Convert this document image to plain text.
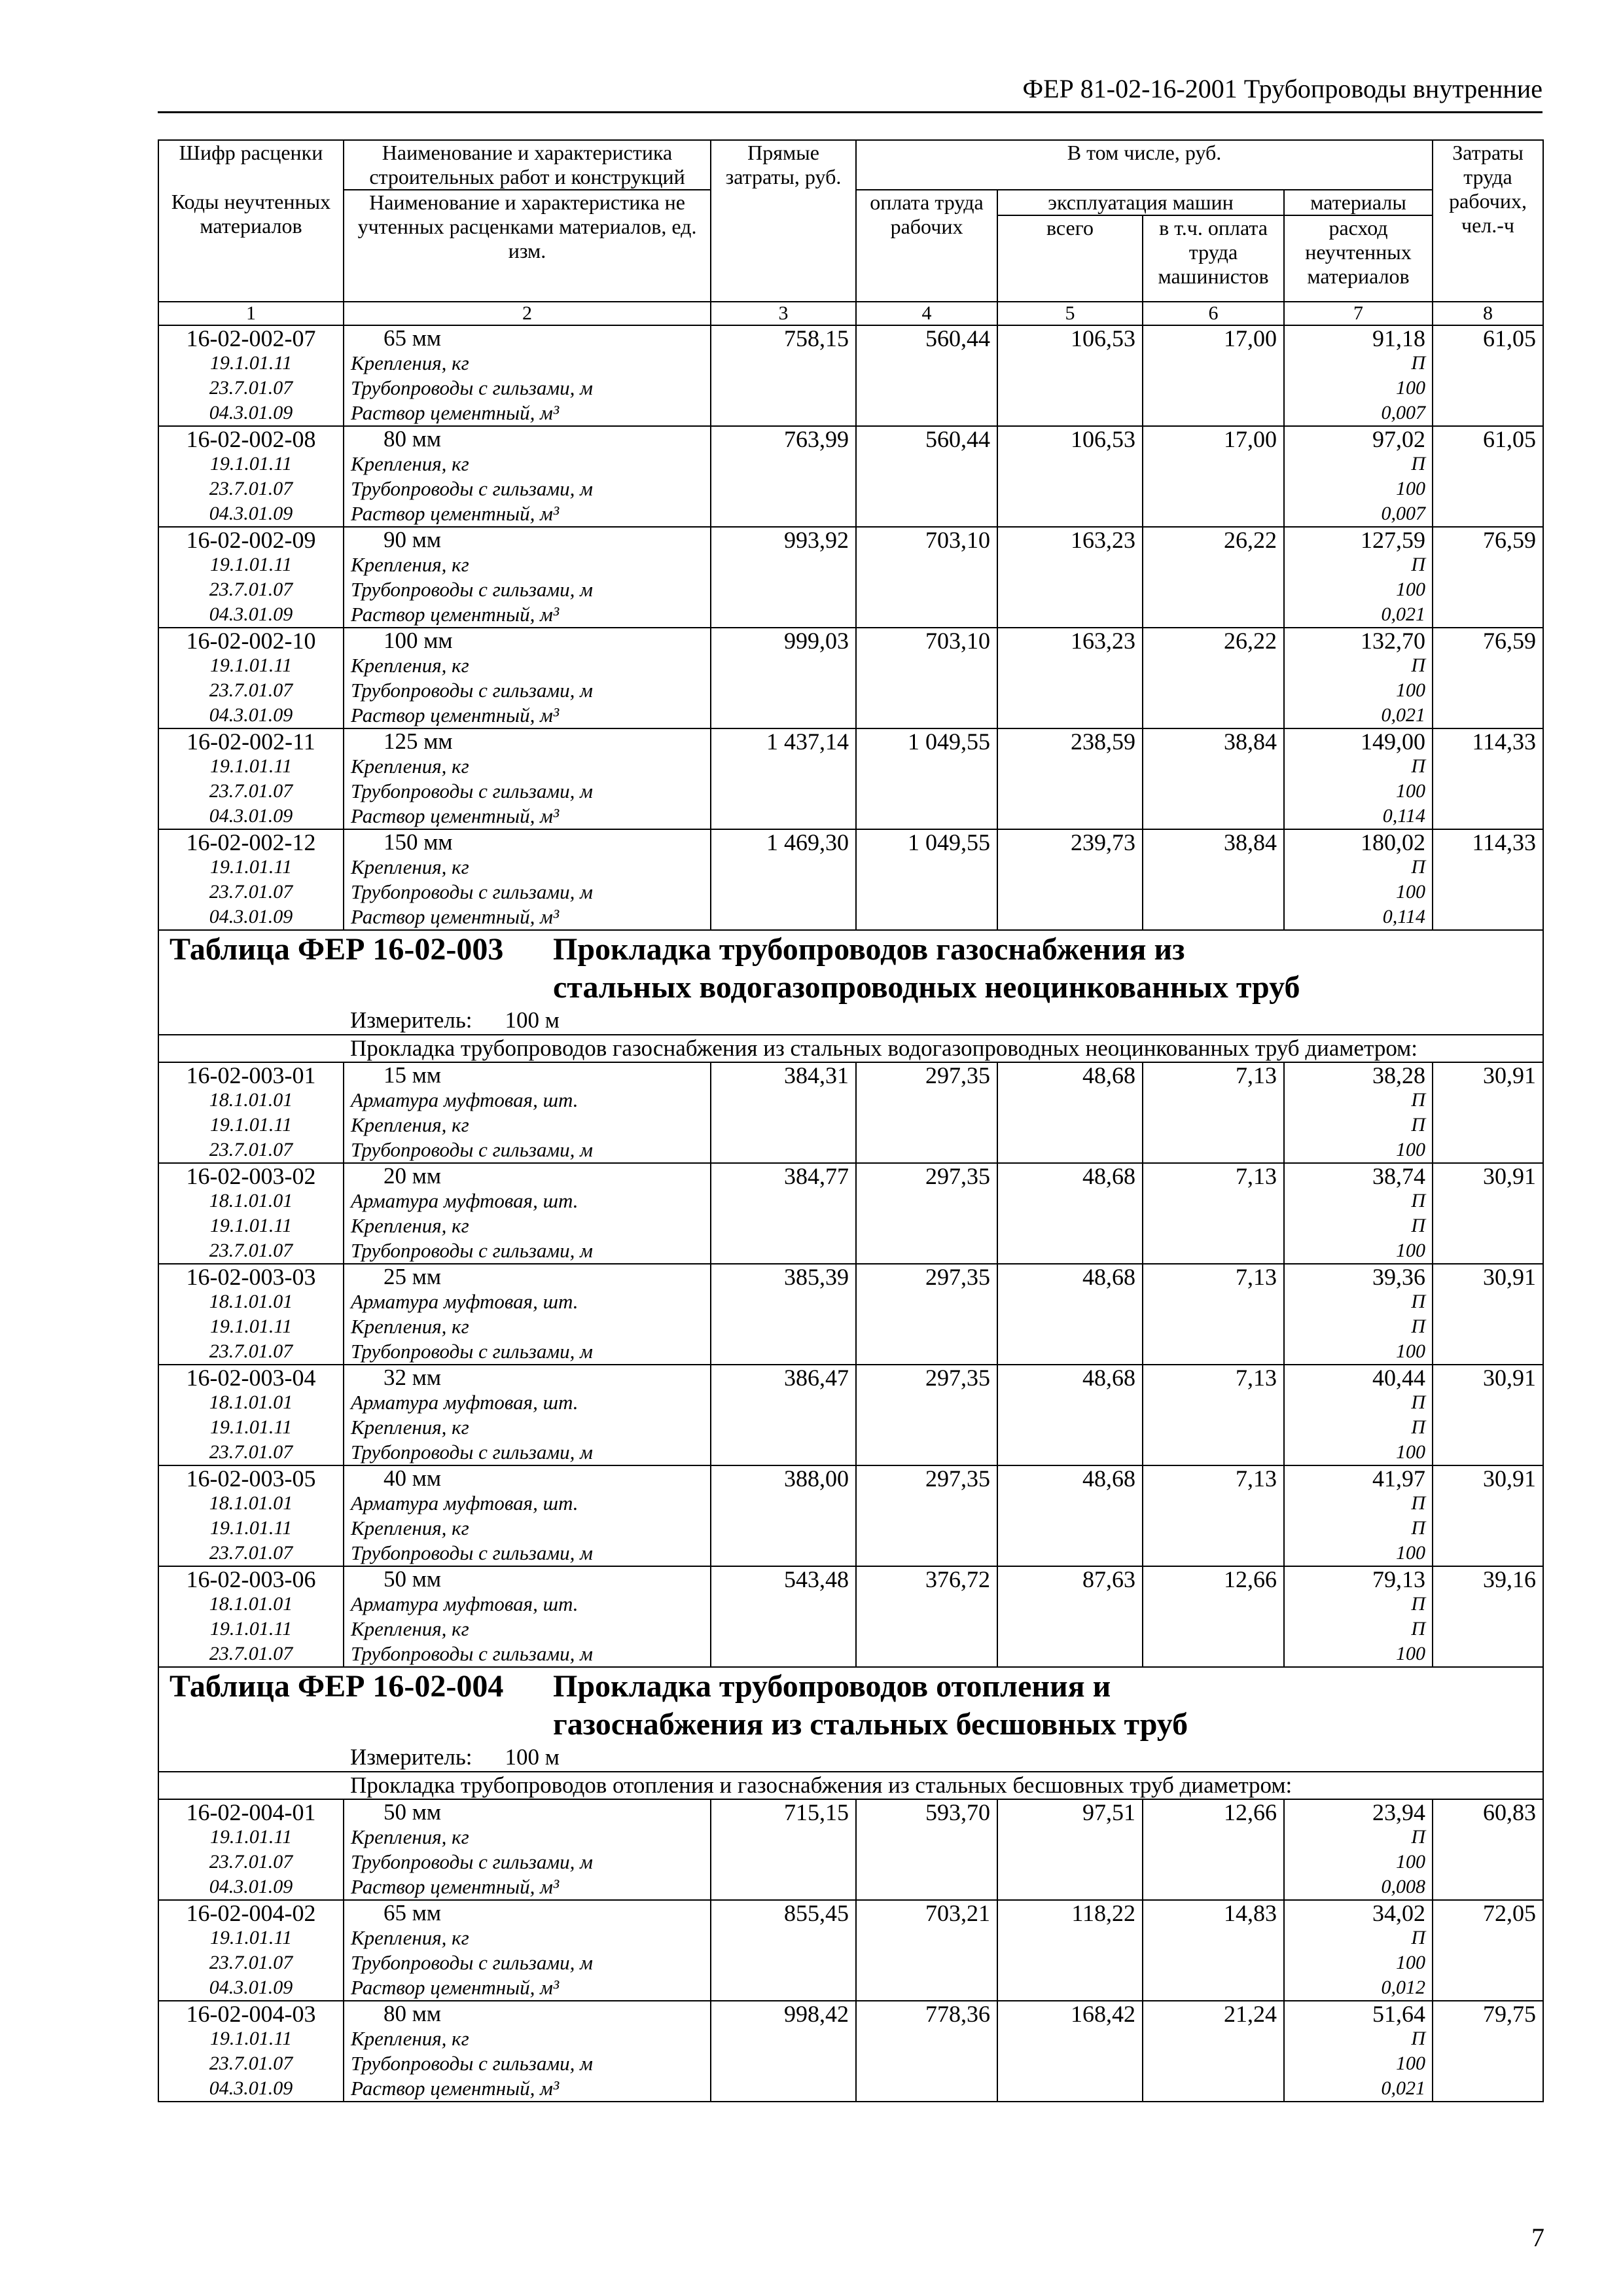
ФЕР 81-02-16-2001 Трубопроводы внутренние
Шифр расценки	Наименование и характеристика строительных работ и конструкций	Прямые затраты, руб.	В том числе, руб.				Затраты труда рабочих, чел.-ч
Коды неучтенных материалов	Наименование и характеристика не учтенных расценками материалов, ед. изм.		оплата труда рабочих	эксплуатация машин		материалы	
				всего	в т.ч. оплата труда машинистов	расход неучтенных материалов	
1	2	3	4	5	6	7	8
16-02-002-07	65 мм	758,15	560,44	106,53	17,00	91,18	61,05
19.1.01.11	Крепления, кг					П	
23.7.01.07	Трубопроводы с гильзами, м					100	
04.3.01.09	Раствор цементный, м³					0,007	
16-02-002-08	80 мм	763,99	560,44	106,53	17,00	97,02	61,05
19.1.01.11	Крепления, кг					П	
23.7.01.07	Трубопроводы с гильзами, м					100	
04.3.01.09	Раствор цементный, м³					0,007	
16-02-002-09	90 мм	993,92	703,10	163,23	26,22	127,59	76,59
19.1.01.11	Крепления, кг					П	
23.7.01.07	Трубопроводы с гильзами, м					100	
04.3.01.09	Раствор цементный, м³					0,021	
16-02-002-10	100 мм	999,03	703,10	163,23	26,22	132,70	76,59
19.1.01.11	Крепления, кг					П	
23.7.01.07	Трубопроводы с гильзами, м					100	
04.3.01.09	Раствор цементный, м³					0,021	
16-02-002-11	125 мм	1 437,14	1 049,55	238,59	38,84	149,00	114,33
19.1.01.11	Крепления, кг					П	
23.7.01.07	Трубопроводы с гильзами, м					100	
04.3.01.09	Раствор цементный, м³					0,114	
16-02-002-12	150 мм	1 469,30	1 049,55	239,73	38,84	180,02	114,33
19.1.01.11	Крепления, кг					П	
23.7.01.07	Трубопроводы с гильзами, м					100	
04.3.01.09	Раствор цементный, м³					0,114	

Таблица ФЕР 16-02-003 Прокладка трубопроводов газоснабжения из стальных водогазопроводных неоцинкованных труб							

	Измеритель: 100 м						
	Прокладка трубопроводов газоснабжения из стальных водогазопроводных неоцинкованных труб диаметром:						
16-02-003-01	15 мм	384,31	297,35	48,68	7,13	38,28	30,91
18.1.01.01	Арматура муфтовая, шт.					П	
19.1.01.11	Крепления, кг					П	
23.7.01.07	Трубопроводы с гильзами, м					100	
16-02-003-02	20 мм	384,77	297,35	48,68	7,13	38,74	30,91
18.1.01.01	Арматура муфтовая, шт.					П	
19.1.01.11	Крепления, кг					П	
23.7.01.07	Трубопроводы с гильзами, м					100	
16-02-003-03	25 мм	385,39	297,35	48,68	7,13	39,36	30,91
18.1.01.01	Арматура муфтовая, шт.					П	
19.1.01.11	Крепления, кг					П	
23.7.01.07	Трубопроводы с гильзами, м					100	
16-02-003-04	32 мм	386,47	297,35	48,68	7,13	40,44	30,91
18.1.01.01	Арматура муфтовая, шт.					П	
19.1.01.11	Крепления, кг					П	
23.7.01.07	Трубопроводы с гильзами, м					100	
16-02-003-05	40 мм	388,00	297,35	48,68	7,13	41,97	30,91
18.1.01.01	Арматура муфтовая, шт.					П	
19.1.01.11	Крепления, кг					П	
23.7.01.07	Трубопроводы с гильзами, м					100	
16-02-003-06	50 мм	543,48	376,72	87,63	12,66	79,13	39,16
18.1.01.01	Арматура муфтовая, шт.					П	
19.1.01.11	Крепления, кг					П	
23.7.01.07	Трубопроводы с гильзами, м					100	

Таблица ФЕР 16-02-004 Прокладка трубопроводов отопления и газоснабжения из стальных бесшовных труб							

	Измеритель: 100 м						
	Прокладка трубопроводов отопления и газоснабжения из стальных бесшовных труб диаметром:						
16-02-004-01	50 мм	715,15	593,70	97,51	12,66	23,94	60,83
19.1.01.11	Крепления, кг					П	
23.7.01.07	Трубопроводы с гильзами, м					100	
04.3.01.09	Раствор цементный, м³					0,008	
16-02-004-02	65 мм	855,45	703,21	118,22	14,83	34,02	72,05
19.1.01.11	Крепления, кг					П	
23.7.01.07	Трубопроводы с гильзами, м					100	
04.3.01.09	Раствор цементный, м³					0,012	
16-02-004-03	80 мм	998,42	778,36	168,42	21,24	51,64	79,75
19.1.01.11	Крепления, кг					П	
23.7.01.07	Трубопроводы с гильзами, м					100	
04.3.01.09	Раствор цементный, м³					0,021	
7
